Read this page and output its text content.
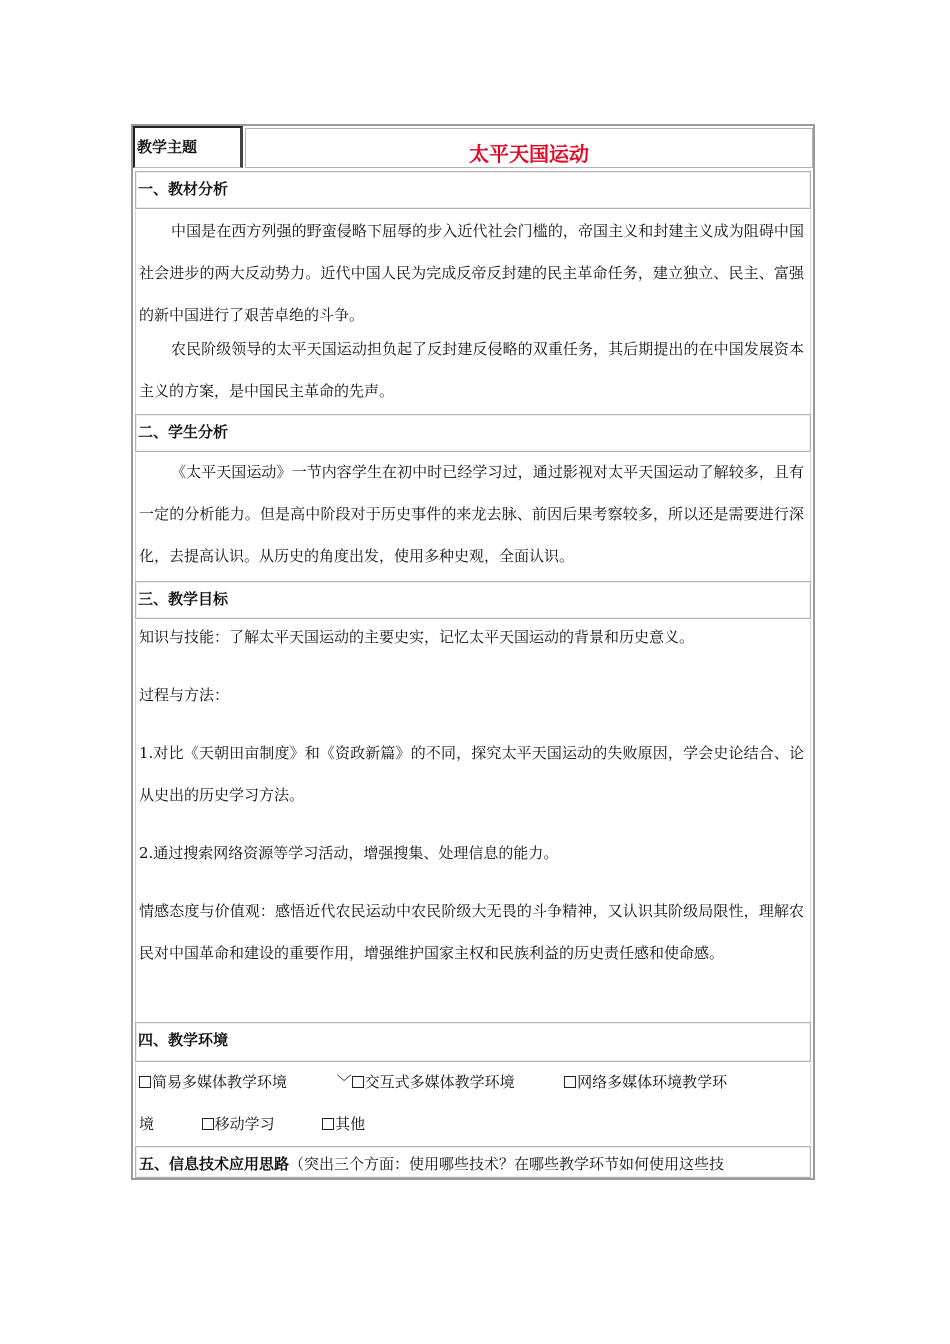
教学主题	太平天国运动
一、教材分析
中国是在西方列强的野蛮侵略下屈辱的步入近代社会门槛的，帝国主义和封建主义成为阻碍中国社会进步的两大反动势力。近代中国人民为完成反帝反封建的民主革命任务，建立独立、民主、富强的新中国进行了艰苦卓绝的斗争。
农民阶级领导的太平天国运动担负起了反封建反侵略的双重任务，其后期提出的在中国发展资本主义的方案，是中国民主革命的先声。
二、学生分析
《太平天国运动》一节内容学生在初中时已经学习过，通过影视对太平天国运动了解较多，且有一定的分析能力。但是高中阶段对于历史事件的来龙去脉、前因后果考察较多，所以还是需要进行深化，去提高认识。从历史的角度出发，使用多种史观，全面认识。
三、教学目标
知识与技能：了解太平天国运动的主要史实，记忆太平天国运动的背景和历史意义。
过程与方法：
1.对比《天朝田亩制度》和《资政新篇》的不同，探究太平天国运动的失败原因，学会史论结合、论从史出的历史学习方法。
2.通过搜索网络资源等学习活动，增强搜集、处理信息的能力。
情感态度与价值观：感悟近代农民运动中农民阶级大无畏的斗争精神，又认识其阶级局限性，理解农民对中国革命和建设的重要作用，增强维护国家主权和民族利益的历史责任感和使命感。
四、教学环境
简易多媒体教学环境	﹀ 交互式多媒体教学环境	网络多媒体环境教学环
境	移动学习	其他
五、信息技术应用思路（突出三个方面：使用哪些技术？在哪些教学环节如何使用这些技
